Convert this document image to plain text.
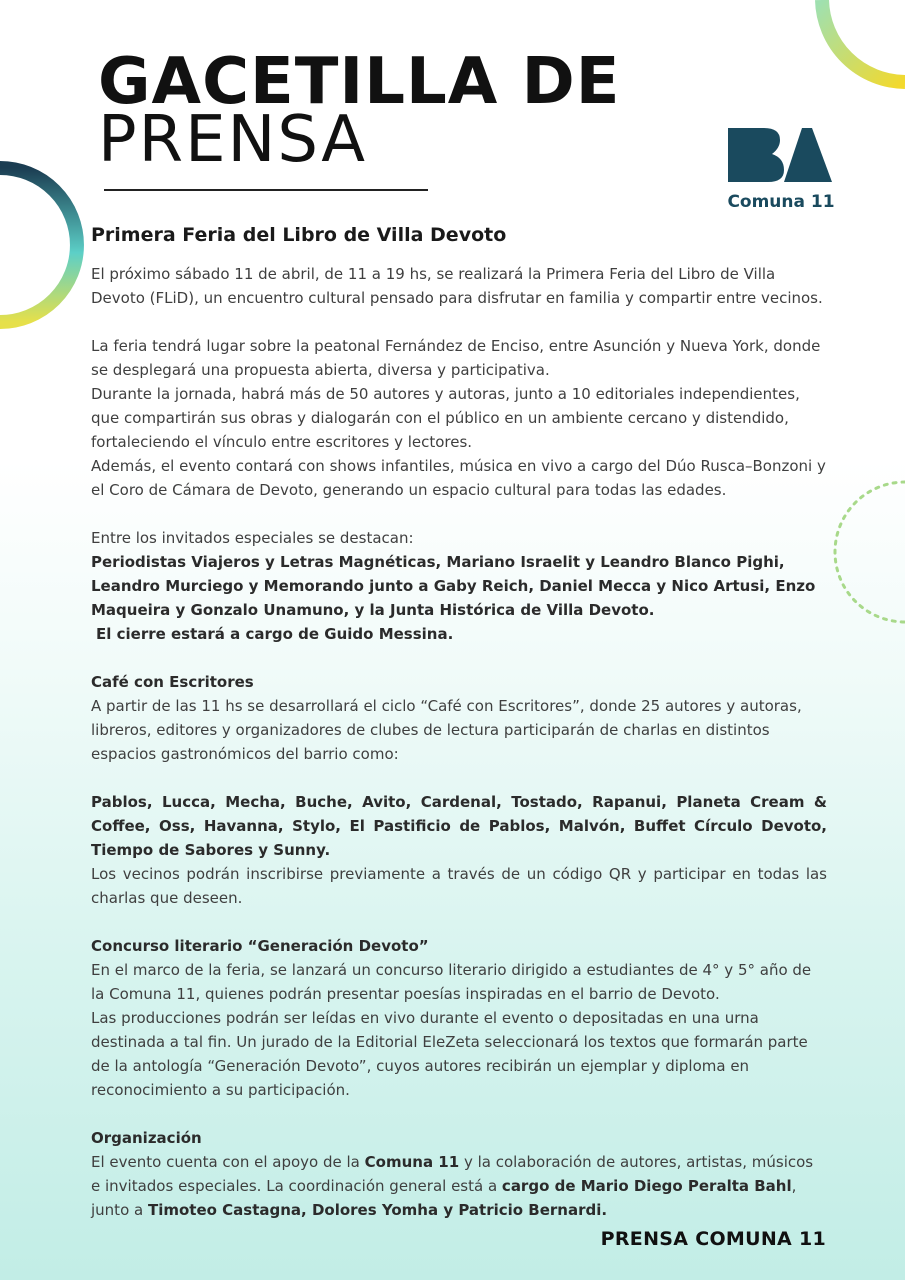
GACETILLA DE
PRENSA
Comuna 11
Primera Feria del Libro de Villa Devoto

El próximo sábado 11 de abril, de 11 a 19 hs, se realizará la Primera Feria del Libro de Villa Devoto (FLiD), un encuentro cultural pensado para disfrutar en familia y compartir entre vecinos.

La feria tendrá lugar sobre la peatonal Fernández de Enciso, entre Asunción y Nueva York, donde se desplegará una propuesta abierta, diversa y participativa.

Durante la jornada, habrá más de 50 autores y autoras, junto a 10 editoriales independientes, que compartirán sus obras y dialogarán con el público en un ambiente cercano y distendido, fortaleciendo el vínculo entre escritores y lectores.

Además, el evento contará con shows infantiles, música en vivo a cargo del Dúo Rusca–Bonzoni y el Coro de Cámara de Devoto, generando un espacio cultural para todas las edades.

Entre los invitados especiales se destacan:

Periodistas Viajeros y Letras Magnéticas, Mariano Israelit y Leandro Blanco Pighi, Leandro Murciego y Memorando junto a Gaby Reich, Daniel Mecca y Nico Artusi, Enzo Maqueira y Gonzalo Unamuno, y la Junta Histórica de Villa Devoto.

El cierre estará a cargo de Guido Messina.

Café con Escritores

A partir de las 11 hs se desarrollará el ciclo “Café con Escritores”, donde 25 autores y autoras, libreros, editores y organizadores de clubes de lectura participarán de charlas en distintos espacios gastronómicos del barrio como:

Pablos, Lucca, Mecha, Buche, Avito, Cardenal, Tostado, Rapanui, Planeta Cream & Coffee, Oss, Havanna, Stylo, El Pastificio de Pablos, Malvón, Buffet Círculo Devoto, Tiempo de Sabores y Sunny.

Los vecinos podrán inscribirse previamente a través de un código QR y participar en todas las charlas que deseen.

Concurso literario “Generación Devoto”

En el marco de la feria, se lanzará un concurso literario dirigido a estudiantes de 4° y 5° año de la Comuna 11, quienes podrán presentar poesías inspiradas en el barrio de Devoto.

Las producciones podrán ser leídas en vivo durante el evento o depositadas en una urna destinada a tal fin. Un jurado de la Editorial EleZeta seleccionará los textos que formarán parte de la antología “Generación Devoto”, cuyos autores recibirán un ejemplar y diploma en reconocimiento a su participación.

Organización

El evento cuenta con el apoyo de la Comuna 11 y la colaboración de autores, artistas, músicos e invitados especiales. La coordinación general está a cargo de Mario Diego Peralta Bahl, junto a Timoteo Castagna, Dolores Yomha y Patricio Bernardi.

PRENSA COMUNA 11
